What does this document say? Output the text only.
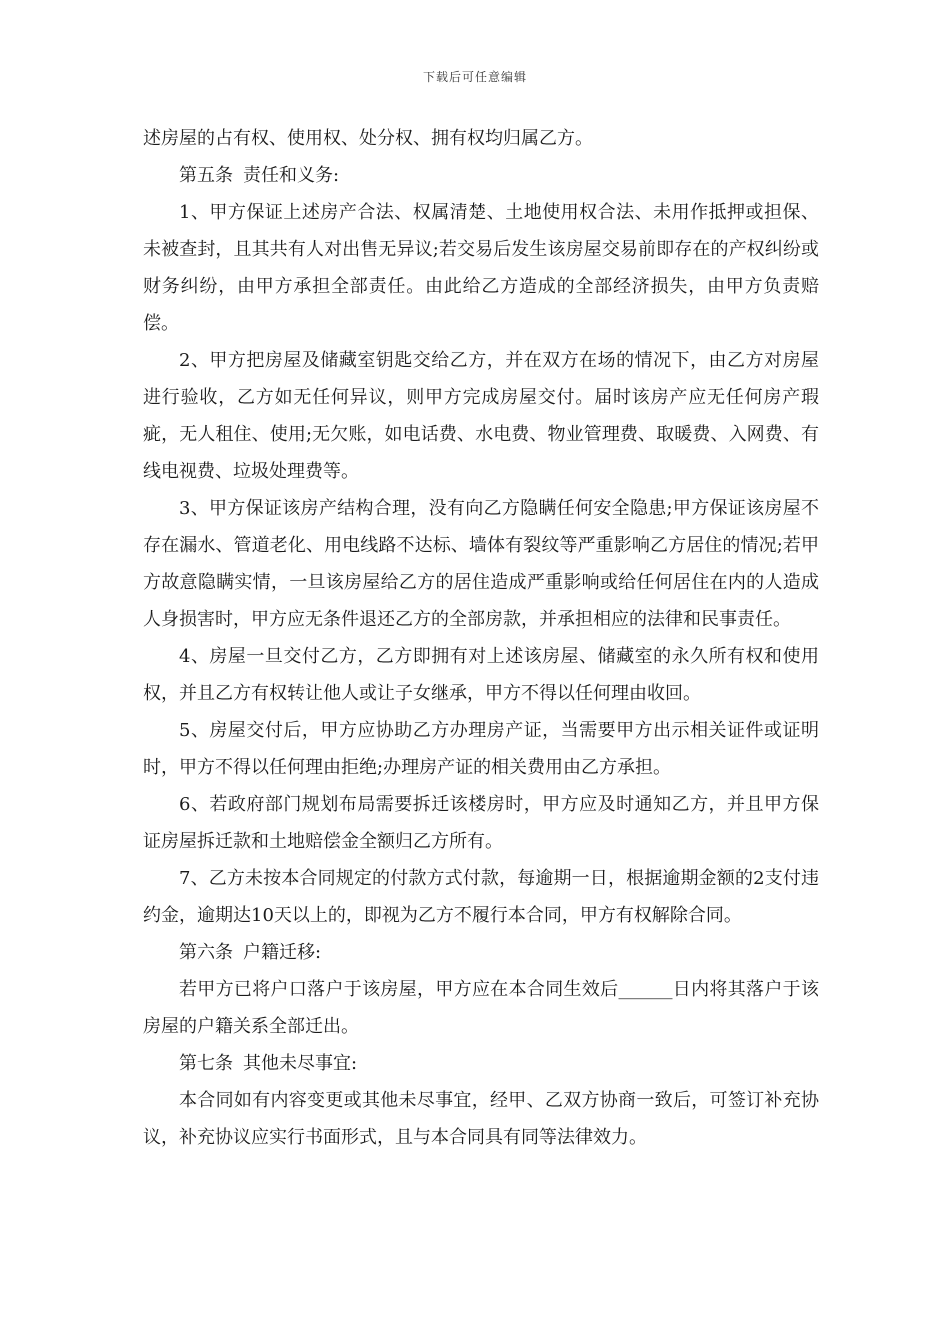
下载后可任意编辑

述房屋的占有权、使用权、处分权、拥有权均归属乙方。

第五条 责任和义务:

1、甲方保证上述房产合法、权属清楚、土地使用权合法、未用作抵押或担保、未被查封，且其共有人对出售无异议;若交易后发生该房屋交易前即存在的产权纠纷或财务纠纷，由甲方承担全部责任。由此给乙方造成的全部经济损失，由甲方负责赔偿。

2、甲方把房屋及储藏室钥匙交给乙方，并在双方在场的情况下，由乙方对房屋进行验收，乙方如无任何异议，则甲方完成房屋交付。届时该房产应无任何房产瑕疵，无人租住、使用;无欠账，如电话费、水电费、物业管理费、取暖费、入网费、有线电视费、垃圾处理费等。

3、甲方保证该房产结构合理，没有向乙方隐瞒任何安全隐患;甲方保证该房屋不存在漏水、管道老化、用电线路不达标、墙体有裂纹等严重影响乙方居住的情况;若甲方故意隐瞒实情，一旦该房屋给乙方的居住造成严重影响或给任何居住在内的人造成人身损害时，甲方应无条件退还乙方的全部房款，并承担相应的法律和民事责任。

4、房屋一旦交付乙方，乙方即拥有对上述该房屋、储藏室的永久所有权和使用权，并且乙方有权转让他人或让子女继承，甲方不得以任何理由收回。

5、房屋交付后，甲方应协助乙方办理房产证，当需要甲方出示相关证件或证明时，甲方不得以任何理由拒绝;办理房产证的相关费用由乙方承担。

6、若政府部门规划布局需要拆迁该楼房时，甲方应及时通知乙方，并且甲方保证房屋拆迁款和土地赔偿金全额归乙方所有。

7、乙方未按本合同规定的付款方式付款，每逾期一日，根据逾期金额的2支付违约金，逾期达10天以上的，即视为乙方不履行本合同，甲方有权解除合同。

第六条 户籍迁移:

若甲方已将户口落户于该房屋，甲方应在本合同生效后______日内将其落户于该房屋的户籍关系全部迁出。

第七条 其他未尽事宜:

本合同如有内容变更或其他未尽事宜，经甲、乙双方协商一致后，可签订补充协议，补充协议应实行书面形式，且与本合同具有同等法律效力。
